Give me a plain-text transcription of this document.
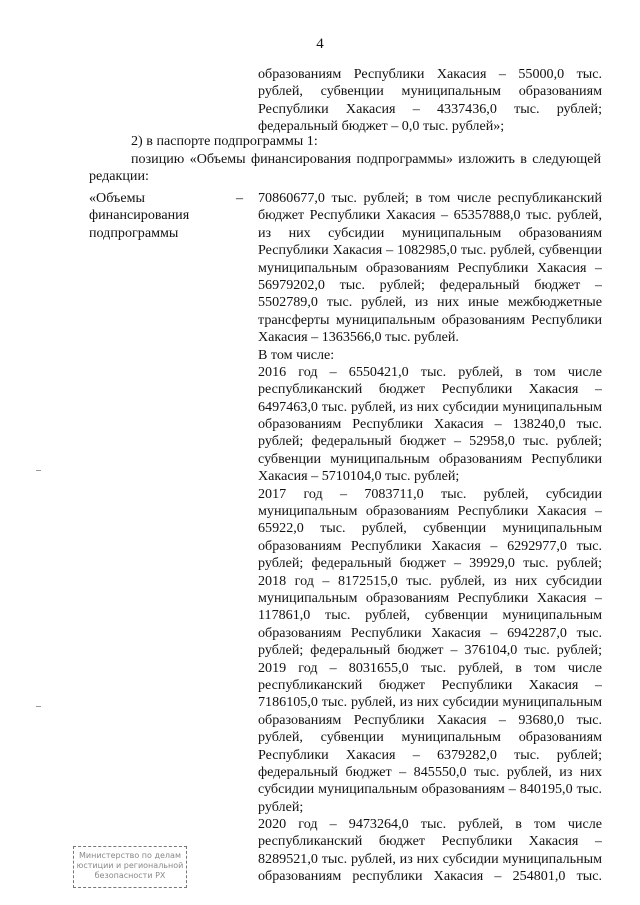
4
образованиям Республики Хакасия – 55000,0 тыс.
рублей, субвенции муниципальным образованиям
Республики Хакасия – 4337436,0 тыс. рублей;
федеральный бюджет – 0,0 тыс. рублей»;
2) в паспорте подпрограммы 1:
позицию «Объемы финансирования подпрограммы» изложить в следующей
редакции:
«Объемы
финансирования
подпрограммы
– 70860677,0 тыс. рублей; в том числе республиканский
бюджет Республики Хакасия – 65357888,0 тыс. рублей,
из них субсидии муниципальным образованиям
Республики Хакасия – 1082985,0 тыс. рублей, субвенции
муниципальным образованиям Республики Хакасия –
56979202,0 тыс. рублей; федеральный бюджет –
5502789,0 тыс. рублей, из них иные межбюджетные
трансферты муниципальным образованиям Республики
Хакасия – 1363566,0 тыс. рублей.
В том числе:
2016 год – 6550421,0 тыс. рублей, в том числе
республиканский бюджет Республики Хакасия –
6497463,0 тыс. рублей, из них субсидии муниципальным
образованиям Республики Хакасия – 138240,0 тыс.
рублей; федеральный бюджет – 52958,0 тыс. рублей;
субвенции муниципальным образованиям Республики
Хакасия – 5710104,0 тыс. рублей;
2017 год – 7083711,0 тыс. рублей, субсидии
муниципальным образованиям Республики Хакасия –
65922,0 тыс. рублей, субвенции муниципальным
образованиям Республики Хакасия – 6292977,0 тыс.
рублей; федеральный бюджет – 39929,0 тыс. рублей;
2018 год – 8172515,0 тыс. рублей, из них субсидии
муниципальным образованиям Республики Хакасия –
117861,0 тыс. рублей, субвенции муниципальным
образованиям Республики Хакасия – 6942287,0 тыс.
рублей; федеральный бюджет – 376104,0 тыс. рублей;
2019 год – 8031655,0 тыс. рублей, в том числе
республиканский бюджет Республики Хакасия –
7186105,0 тыс. рублей, из них субсидии муниципальным
образованиям Республики Хакасия – 93680,0 тыс.
рублей, субвенции муниципальным образованиям
Республики Хакасия – 6379282,0 тыс. рублей;
федеральный бюджет – 845550,0 тыс. рублей, из них
субсидии муниципальным образованиям – 840195,0 тыс.
рублей;
2020 год – 9473264,0 тыс. рублей, в том числе
республиканский бюджет Республики Хакасия –
8289521,0 тыс. рублей, из них субсидии муниципальным
образованиям республики Хакасия – 254801,0 тыс.
Министерство по делам
юстиции и региональной
безопасности РХ
